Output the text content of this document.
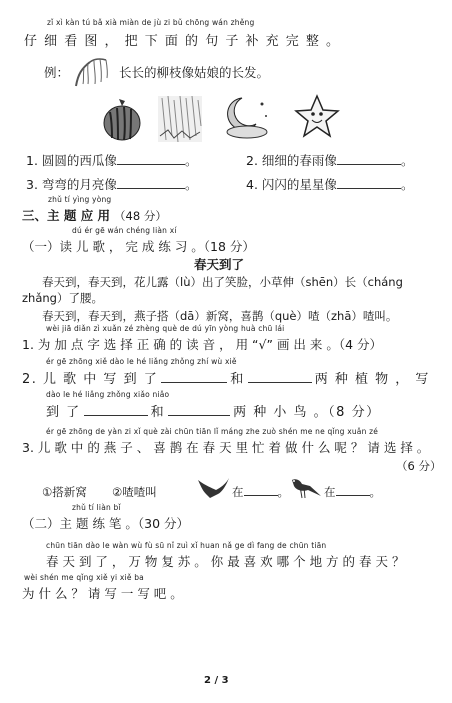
zǐ xì kàn tú bǎ xià miàn de jù zi bǔ chōng wán zhěng
仔 细 看 图 ， 把 下 面 的 句 子 补 充 完 整 。
例：	长长的柳枝像姑娘的长发。
1. 圆圆的西瓜像	。	2. 细细的春雨像	。
3. 弯弯的月亮像	。	4. 闪闪的星星像	。
zhǔ tí yìng yòng
三、主 题 应 用 （48 分）
dú ér gē wán chéng liàn xí
（一）读 儿 歌 ， 完 成 练 习 。（18 分）
春天到了
春天到，春天到，花儿露（lù）出了笑脸，小草伸（shēn）长（cháng
zhǎng）了腰。
春天到，春天到，燕子搭（dā）新窝，喜鹊（què）喳（zhā）喳叫。
wèi jiā diǎn zì xuǎn zé zhèng què de dú yīn yòng huà chū lái
1. 为 加 点 字 选 择 正 确 的 读 音 ， 用 “√” 画 出 来 。（4 分）
ér gē zhōng xiě dào le hé liǎng zhǒng zhí wù xiě
2. 儿 歌 中 写 到 了	和	两 种 植 物 ， 写
dào le hé liǎng zhǒng xiǎo niǎo
到 了	和	两 种 小 鸟 。（8 分）
ér gē zhōng de yàn zi xǐ què zài chūn tiān lǐ máng zhe zuò shén me ne qǐng xuǎn zé
3. 儿 歌 中 的 燕 子 、 喜 鹊 在 春 天 里 忙 着 做 什 么 呢 ？ 请 选 择 。
（6 分）
①搭新窝 ②喳喳叫	在	。	在	。
zhǔ tí liàn bǐ
（二）主 题 练 笔 。（30 分）
chūn tiān dào le wàn wù fù sū nǐ zuì xǐ huan nǎ ge dì fang de chūn tiān
春 天 到 了 ， 万 物 复 苏 。 你 最 喜 欢 哪 个 地 方 的 春 天 ？
wèi shén me qǐng xiě yi xiě ba
为 什 么 ？ 请 写 一 写 吧 。
2 / 3
